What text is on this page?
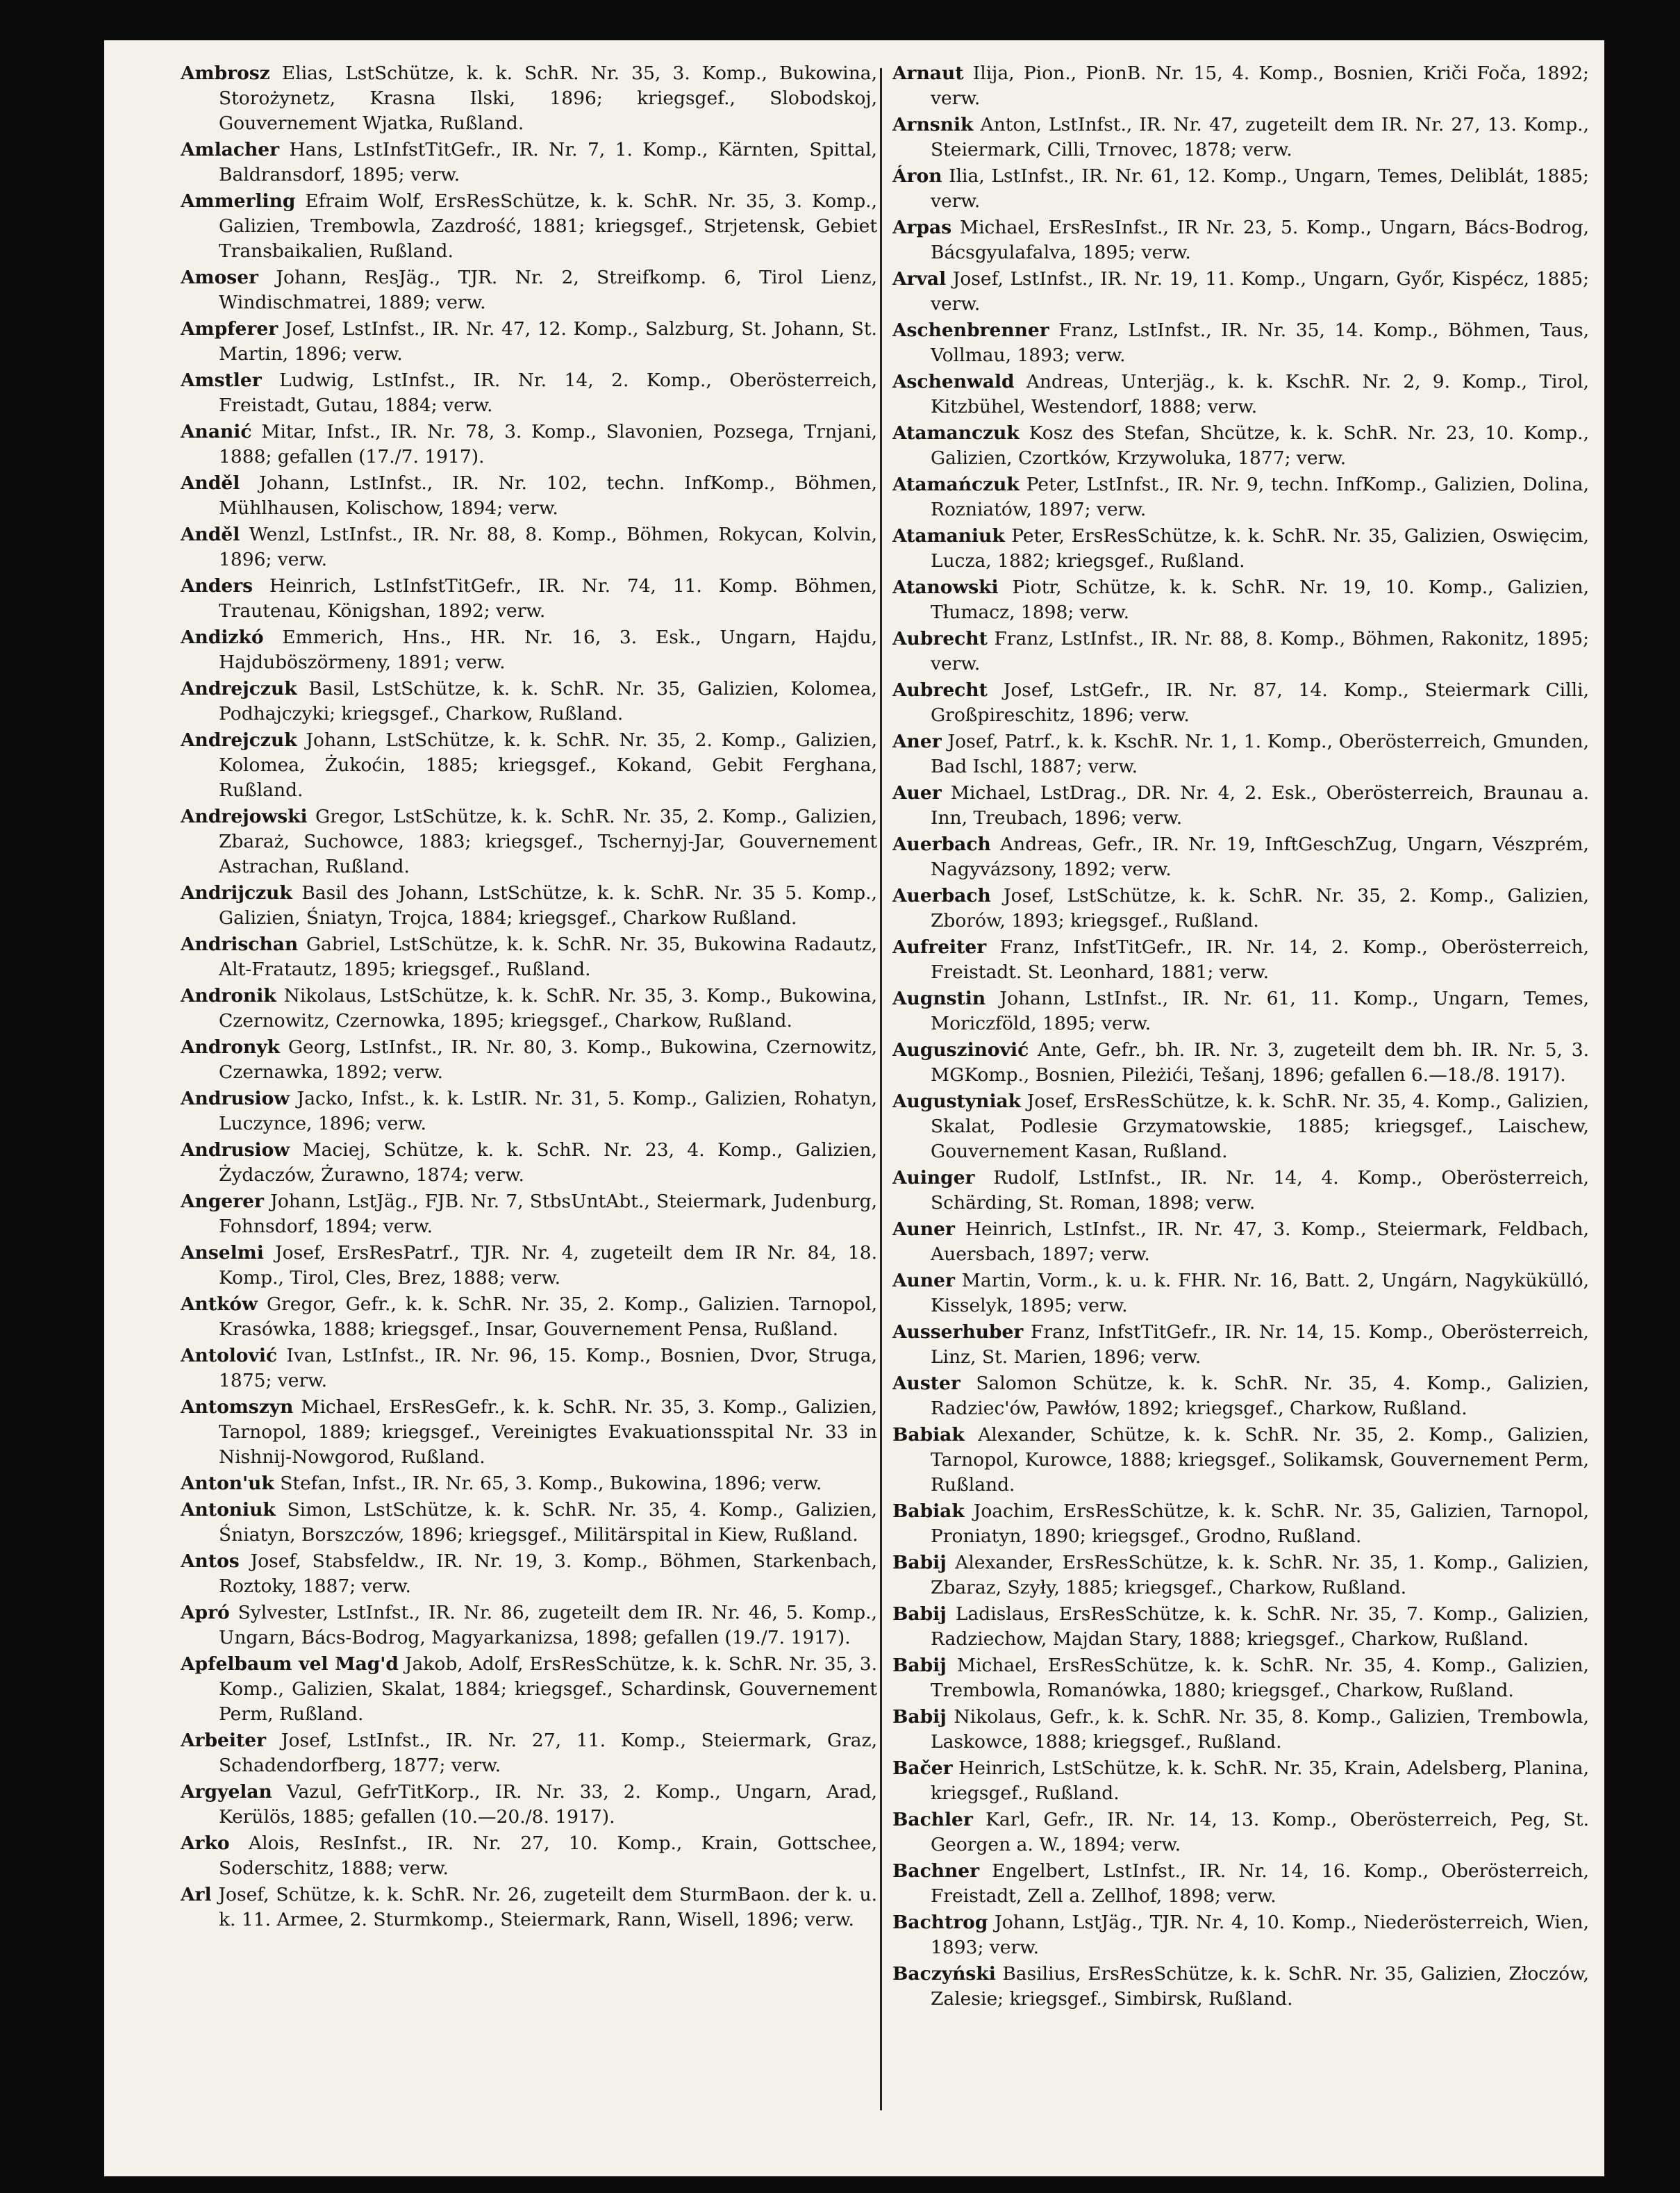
Ambrosz Elias, LstSchütze, k. k. SchR. Nr. 35, 3. Komp., Bukowina, Storożynetz, Krasna Ilski, 1896; kriegsgef., Slobodskoj, Gouvernement Wjatka, Rußland.

Amlacher Hans, LstInfstTitGefr., IR. Nr. 7, 1. Komp., Kärnten, Spittal, Baldransdorf, 1895; verw.

Ammerling Efraim Wolf, ErsResSchütze, k. k. SchR. Nr. 35, 3. Komp., Galizien, Trembowla, Zazdrość, 1881; kriegsgef., Strjetensk, Gebiet Transbaikalien, Rußland.

Amoser Johann, ResJäg., TJR. Nr. 2, Streifkomp. 6, Tirol Lienz, Windischmatrei, 1889; verw.

Ampferer Josef, LstInfst., IR. Nr. 47, 12. Komp., Salzburg, St. Johann, St. Martin, 1896; verw.

Amstler Ludwig, LstInfst., IR. Nr. 14, 2. Komp., Oberösterreich, Freistadt, Gutau, 1884; verw.

Ananić Mitar, Infst., IR. Nr. 78, 3. Komp., Slavonien, Pozsega, Trnjani, 1888; gefallen (17./7. 1917).

Anděl Johann, LstInfst., IR. Nr. 102, techn. InfKomp., Böhmen, Mühlhausen, Kolischow, 1894; verw.

Anděl Wenzl, LstInfst., IR. Nr. 88, 8. Komp., Böhmen, Rokycan, Kolvin, 1896; verw.

Anders Heinrich, LstInfstTitGefr., IR. Nr. 74, 11. Komp. Böhmen, Trautenau, Königshan, 1892; verw.

Andizkó Emmerich, Hns., HR. Nr. 16, 3. Esk., Ungarn, Hajdu, Hajduböszörmeny, 1891; verw.

Andrejczuk Basil, LstSchütze, k. k. SchR. Nr. 35, Galizien, Kolomea, Podhajczyki; kriegsgef., Charkow, Rußland.

Andrejczuk Johann, LstSchütze, k. k. SchR. Nr. 35, 2. Komp., Galizien, Kolomea, Żukoćin, 1885; kriegsgef., Kokand, Gebit Ferghana, Rußland.

Andrejowski Gregor, LstSchütze, k. k. SchR. Nr. 35, 2. Komp., Galizien, Zbaraż, Suchowce, 1883; kriegsgef., Tschernyj-Jar, Gouvernement Astrachan, Rußland.

Andrijczuk Basil des Johann, LstSchütze, k. k. SchR. Nr. 35 5. Komp., Galizien, Śniatyn, Trojca, 1884; kriegsgef., Charkow Rußland.

Andrischan Gabriel, LstSchütze, k. k. SchR. Nr. 35, Bukowina Radautz, Alt-Fratautz, 1895; kriegsgef., Rußland.

Andronik Nikolaus, LstSchütze, k. k. SchR. Nr. 35, 3. Komp., Bukowina, Czernowitz, Czernowka, 1895; kriegsgef., Charkow, Rußland.

Andronyk Georg, LstInfst., IR. Nr. 80, 3. Komp., Bukowina, Czernowitz, Czernawka, 1892; verw.

Andrusiow Jacko, Infst., k. k. LstIR. Nr. 31, 5. Komp., Galizien, Rohatyn, Luczynce, 1896; verw.

Andrusiow Maciej, Schütze, k. k. SchR. Nr. 23, 4. Komp., Galizien, Żydaczów, Żurawno, 1874; verw.

Angerer Johann, LstJäg., FJB. Nr. 7, StbsUntAbt., Steiermark, Judenburg, Fohnsdorf, 1894; verw.

Anselmi Josef, ErsResPatrf., TJR. Nr. 4, zugeteilt dem IR Nr. 84, 18. Komp., Tirol, Cles, Brez, 1888; verw.

Antków Gregor, Gefr., k. k. SchR. Nr. 35, 2. Komp., Galizien. Tarnopol, Krasówka, 1888; kriegsgef., Insar, Gouvernement Pensa, Rußland.

Antolović Ivan, LstInfst., IR. Nr. 96, 15. Komp., Bosnien, Dvor, Struga, 1875; verw.

Antomszyn Michael, ErsResGefr., k. k. SchR. Nr. 35, 3. Komp., Galizien, Tarnopol, 1889; kriegsgef., Vereinigtes Evakuationsspital Nr. 33 in Nishnij-Nowgorod, Rußland.

Anton'uk Stefan, Infst., IR. Nr. 65, 3. Komp., Bukowina, 1896; verw.

Antoniuk Simon, LstSchütze, k. k. SchR. Nr. 35, 4. Komp., Galizien, Śniatyn, Borszczów, 1896; kriegsgef., Militärspital in Kiew, Rußland.

Antos Josef, Stabsfeldw., IR. Nr. 19, 3. Komp., Böhmen, Starkenbach, Roztoky, 1887; verw.

Apró Sylvester, LstInfst., IR. Nr. 86, zugeteilt dem IR. Nr. 46, 5. Komp., Ungarn, Bács-Bodrog, Magyarkanizsa, 1898; gefallen (19./7. 1917).

Apfelbaum vel Mag'd Jakob, Adolf, ErsResSchütze, k. k. SchR. Nr. 35, 3. Komp., Galizien, Skalat, 1884; kriegsgef., Schardinsk, Gouvernement Perm, Rußland.

Arbeiter Josef, LstInfst., IR. Nr. 27, 11. Komp., Steiermark, Graz, Schadendorfberg, 1877; verw.

Argyelan Vazul, GefrTitKorp., IR. Nr. 33, 2. Komp., Ungarn, Arad, Kerülös, 1885; gefallen (10.—20./8. 1917).

Arko Alois, ResInfst., IR. Nr. 27, 10. Komp., Krain, Gottschee, Soderschitz, 1888; verw.

Arl Josef, Schütze, k. k. SchR. Nr. 26, zugeteilt dem SturmBaon. der k. u. k. 11. Armee, 2. Sturmkomp., Steiermark, Rann, Wisell, 1896; verw.

Arnaut Ilija, Pion., PionB. Nr. 15, 4. Komp., Bosnien, Kriči Foča, 1892; verw.

Arnsnik Anton, LstInfst., IR. Nr. 47, zugeteilt dem IR. Nr. 27, 13. Komp., Steiermark, Cilli, Trnovec, 1878; verw.

Áron Ilia, LstInfst., IR. Nr. 61, 12. Komp., Ungarn, Temes, Deliblát, 1885; verw.

Arpas Michael, ErsResInfst., IR Nr. 23, 5. Komp., Ungarn, Bács-Bodrog, Bácsgyulafalva, 1895; verw.

Arval Josef, LstInfst., IR. Nr. 19, 11. Komp., Ungarn, Győr, Kispécz, 1885; verw.

Aschenbrenner Franz, LstInfst., IR. Nr. 35, 14. Komp., Böhmen, Taus, Vollmau, 1893; verw.

Aschenwald Andreas, Unterjäg., k. k. KschR. Nr. 2, 9. Komp., Tirol, Kitzbühel, Westendorf, 1888; verw.

Atamanczuk Kosz des Stefan, Shcütze, k. k. SchR. Nr. 23, 10. Komp., Galizien, Czortków, Krzywoluka, 1877; verw.

Atamańczuk Peter, LstInfst., IR. Nr. 9, techn. InfKomp., Galizien, Dolina, Rozniatów, 1897; verw.

Atamaniuk Peter, ErsResSchütze, k. k. SchR. Nr. 35, Galizien, Oswięcim, Lucza, 1882; kriegsgef., Rußland.

Atanowski Piotr, Schütze, k. k. SchR. Nr. 19, 10. Komp., Galizien, Tłumacz, 1898; verw.

Aubrecht Franz, LstInfst., IR. Nr. 88, 8. Komp., Böhmen, Rakonitz, 1895; verw.

Aubrecht Josef, LstGefr., IR. Nr. 87, 14. Komp., Steiermark Cilli, Großpireschitz, 1896; verw.

Aner Josef, Patrf., k. k. KschR. Nr. 1, 1. Komp., Oberösterreich, Gmunden, Bad Ischl, 1887; verw.

Auer Michael, LstDrag., DR. Nr. 4, 2. Esk., Oberösterreich, Braunau a. Inn, Treubach, 1896; verw.

Auerbach Andreas, Gefr., IR. Nr. 19, InftGeschZug, Ungarn, Vészprém, Nagyvázsony, 1892; verw.

Auerbach Josef, LstSchütze, k. k. SchR. Nr. 35, 2. Komp., Galizien, Zborów, 1893; kriegsgef., Rußland.

Aufreiter Franz, InfstTitGefr., IR. Nr. 14, 2. Komp., Oberösterreich, Freistadt. St. Leonhard, 1881; verw.

Augnstin Johann, LstInfst., IR. Nr. 61, 11. Komp., Ungarn, Temes, Moriczföld, 1895; verw.

Auguszinović Ante, Gefr., bh. IR. Nr. 3, zugeteilt dem bh. IR. Nr. 5, 3. MGKomp., Bosnien, Pileżići, Tešanj, 1896; gefallen 6.—18./8. 1917).

Augustyniak Josef, ErsResSchütze, k. k. SchR. Nr. 35, 4. Komp., Galizien, Skalat, Podlesie Grzymatowskie, 1885; kriegsgef., Laischew, Gouvernement Kasan, Rußland.

Auinger Rudolf, LstInfst., IR. Nr. 14, 4. Komp., Oberösterreich, Schärding, St. Roman, 1898; verw.

Auner Heinrich, LstInfst., IR. Nr. 47, 3. Komp., Steiermark, Feldbach, Auersbach, 1897; verw.

Auner Martin, Vorm., k. u. k. FHR. Nr. 16, Batt. 2, Ungárn, Nagykükülló, Kisselyk, 1895; verw.

Ausserhuber Franz, InfstTitGefr., IR. Nr. 14, 15. Komp., Oberösterreich, Linz, St. Marien, 1896; verw.

Auster Salomon Schütze, k. k. SchR. Nr. 35, 4. Komp., Galizien, Radziec'ów, Pawłów, 1892; kriegsgef., Charkow, Rußland.

Babiak Alexander, Schütze, k. k. SchR. Nr. 35, 2. Komp., Galizien, Tarnopol, Kurowce, 1888; kriegsgef., Solikamsk, Gouvernement Perm, Rußland.

Babiak Joachim, ErsResSchütze, k. k. SchR. Nr. 35, Galizien, Tarnopol, Proniatyn, 1890; kriegsgef., Grodno, Rußland.

Babij Alexander, ErsResSchütze, k. k. SchR. Nr. 35, 1. Komp., Galizien, Zbaraz, Szyły, 1885; kriegsgef., Charkow, Rußland.

Babij Ladislaus, ErsResSchütze, k. k. SchR. Nr. 35, 7. Komp., Galizien, Radziechow, Majdan Stary, 1888; kriegsgef., Charkow, Rußland.

Babij Michael, ErsResSchütze, k. k. SchR. Nr. 35, 4. Komp., Galizien, Trembowla, Romanówka, 1880; kriegsgef., Charkow, Rußland.

Babij Nikolaus, Gefr., k. k. SchR. Nr. 35, 8. Komp., Galizien, Trembowla, Laskowce, 1888; kriegsgef., Rußland.

Bačer Heinrich, LstSchütze, k. k. SchR. Nr. 35, Krain, Adelsberg, Planina, kriegsgef., Rußland.

Bachler Karl, Gefr., IR. Nr. 14, 13. Komp., Oberösterreich, Peg, St. Georgen a. W., 1894; verw.

Bachner Engelbert, LstInfst., IR. Nr. 14, 16. Komp., Oberösterreich, Freistadt, Zell a. Zellhof, 1898; verw.

Bachtrog Johann, LstJäg., TJR. Nr. 4, 10. Komp., Niederösterreich, Wien, 1893; verw.

Baczyński Basilius, ErsResSchütze, k. k. SchR. Nr. 35, Galizien, Złoczów, Zalesie; kriegsgef., Simbirsk, Rußland.
